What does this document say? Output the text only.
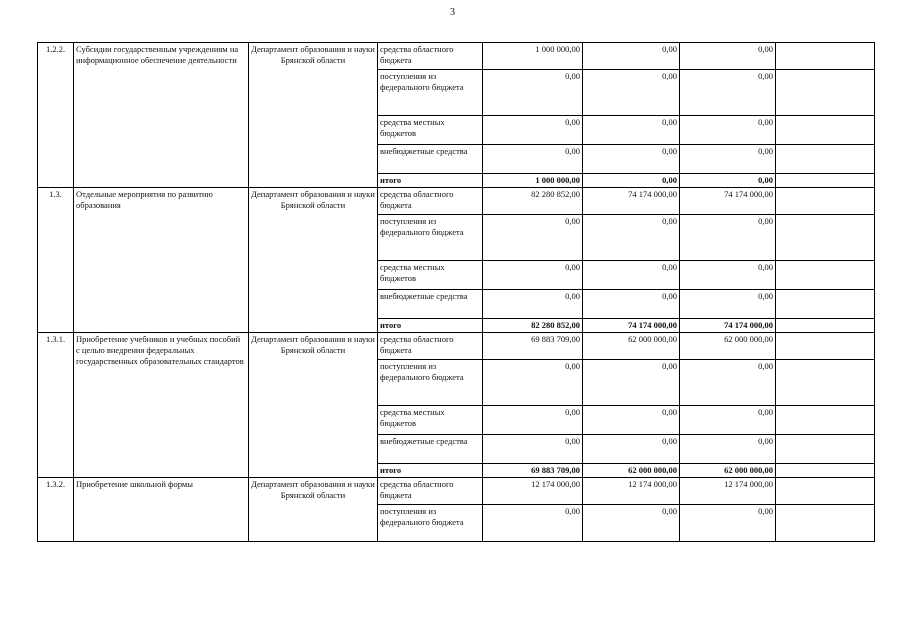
3
1.2.2.	Субсидии государственным учреждениям на информационное обеспечение деятельности	Департамент образования и науки Брянской области	средства областного бюджета	1 000 000,00	0,00	0,00	
			поступления из федерального бюджета	0,00	0,00	0,00	
			средства местных бюджетов	0,00	0,00	0,00	
			внебюджетные средства	0,00	0,00	0,00	
			итого	1 000 000,00	0,00	0,00	
1.3.	Отдельные мероприятия по развитию образования	Департамент образования и науки Брянской области	средства областного бюджета	82 280 852,00	74 174 000,00	74 174 000,00	
			поступления из федерального бюджета	0,00	0,00	0,00	
			средства местных бюджетов	0,00	0,00	0,00	
			внебюджетные средства	0,00	0,00	0,00	
			итого	82 280 852,00	74 174 000,00	74 174 000,00	
1.3.1.	Приобретение учебников и учебных пособий с целью внедрения федеральных государственных образовательных стандартов	Департамент образования и науки Брянской области	средства областного бюджета	69 883 709,00	62 000 000,00	62 000 000,00	
			поступления из федерального бюджета	0,00	0,00	0,00	
			средства местных бюджетов	0,00	0,00	0,00	
			внебюджетные средства	0,00	0,00	0,00	
			итого	69 883 709,00	62 000 000,00	62 000 000,00	
1.3.2.	Приобретение школьной формы	Департамент образования и науки Брянской области	средства областного бюджета	12 174 000,00	12 174 000,00	12 174 000,00	
			поступления из федерального бюджета	0,00	0,00	0,00	
